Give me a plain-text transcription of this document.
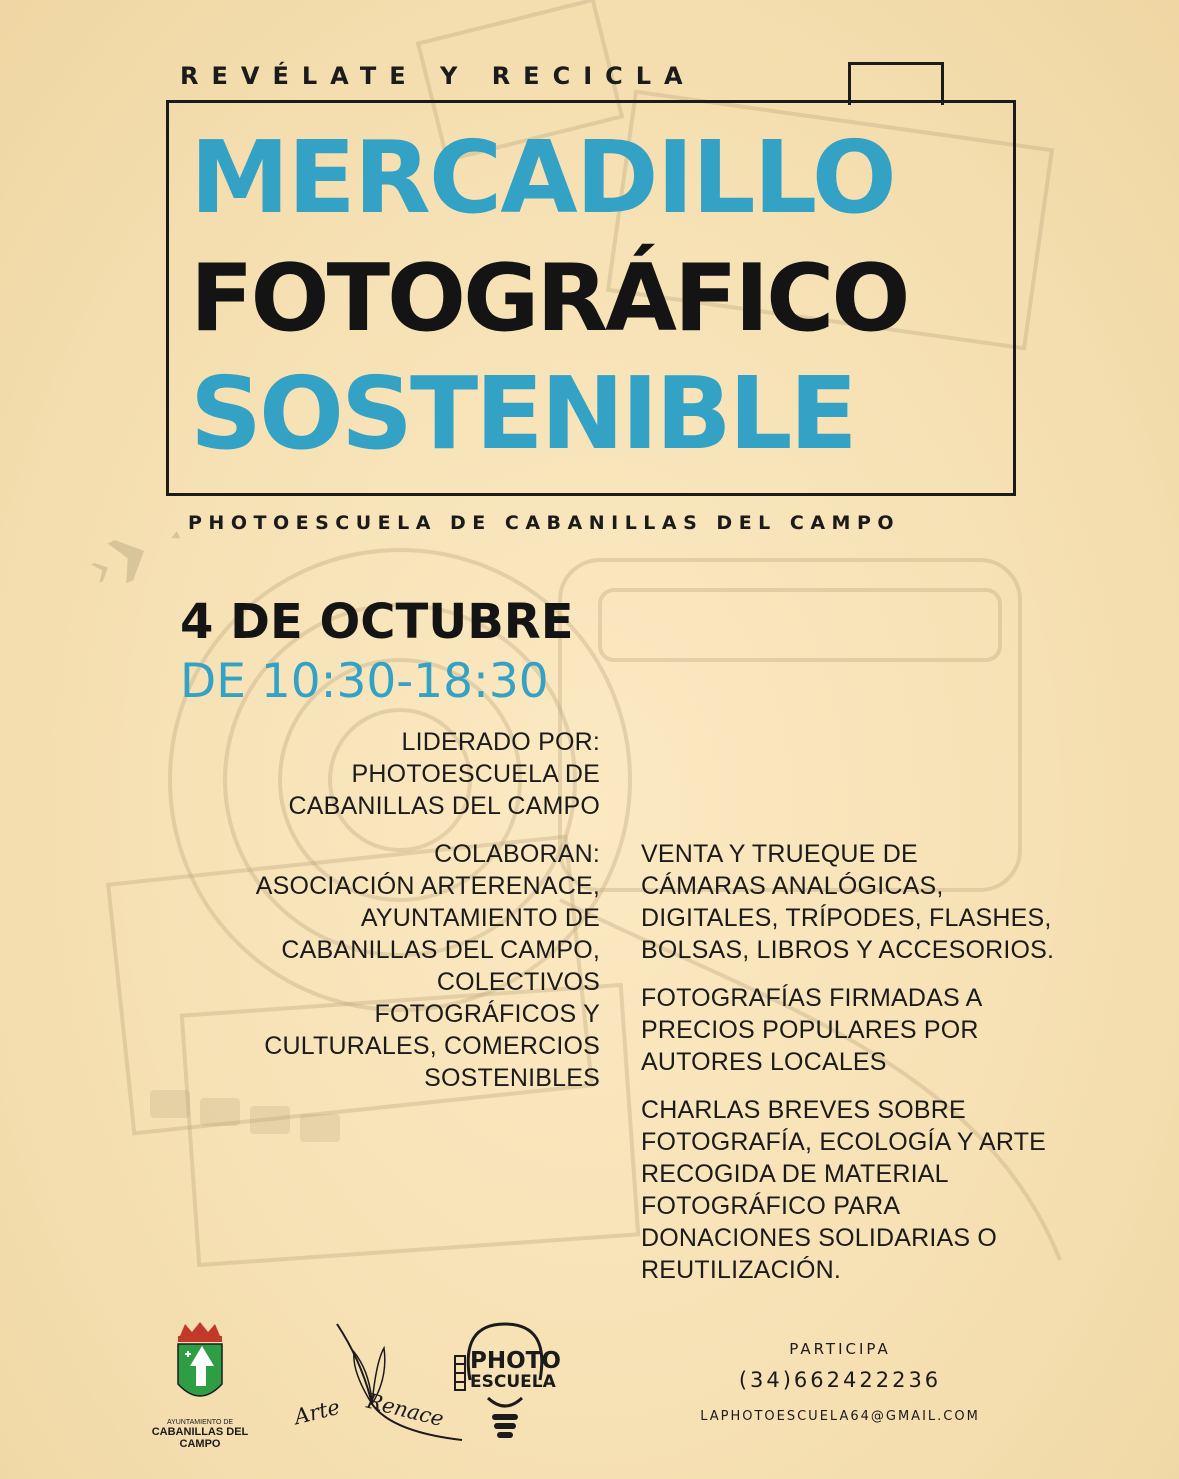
REVÉLATE Y RECICLA
MERCADILLO
FOTOGRÁFICO
SOSTENIBLE
PHOTOESCUELA DE CABANILLAS DEL CAMPO
4 DE OCTUBRE
DE 10:30-18:30
LIDERADO POR:
PHOTOESCUELA DE
CABANILLAS DEL CAMPO
COLABORAN:
ASOCIACIÓN ARTERENACE,
AYUNTAMIENTO DE
CABANILLAS DEL CAMPO,
COLECTIVOS
FOTOGRÁFICOS Y
CULTURALES, COMERCIOS
SOSTENIBLES
VENTA Y TRUEQUE DE
CÁMARAS ANALÓGICAS,
DIGITALES, TRÍPODES, FLASHES,
BOLSAS, LIBROS Y ACCESORIOS.
FOTOGRAFÍAS FIRMADAS A
PRECIOS POPULARES POR
AUTORES LOCALES
CHARLAS BREVES SOBRE
FOTOGRAFÍA, ECOLOGÍA Y ARTE
RECOGIDA DE MATERIAL
FOTOGRÁFICO PARA
DONACIONES SOLIDARIAS O
REUTILIZACIÓN.
AYUNTAMIENTO DE
CABANILLAS DEL CAMPO
Arte Renace
PHOTO
ESCUELA
PARTICIPA
(34)662422236
LAPHOTOESCUELA64@GMAIL.COM
